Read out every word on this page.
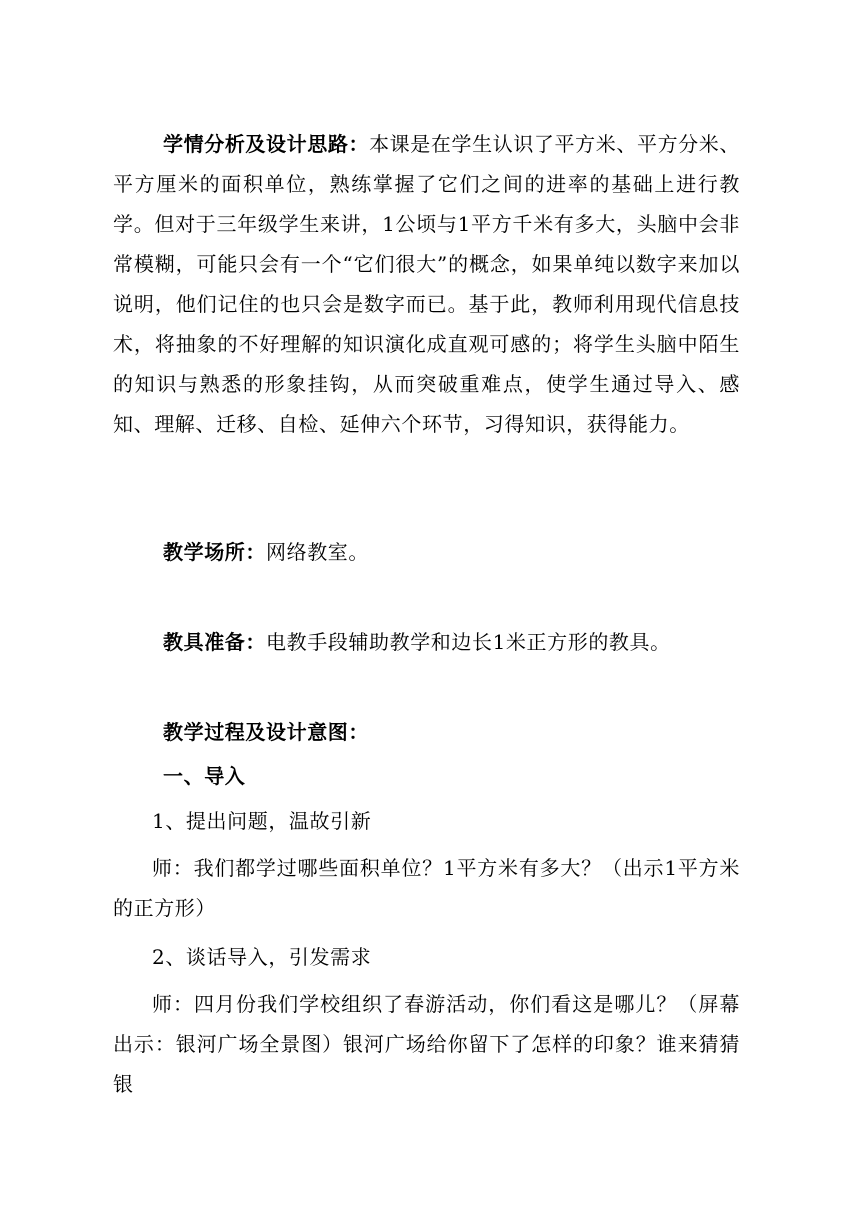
学情分析及设计思路：本课是在学生认识了平方米、平方分米、平方厘米的面积单位，熟练掌握了它们之间的进率的基础上进行教学。但对于三年级学生来讲，1公顷与1平方千米有多大，头脑中会非常模糊，可能只会有一个“它们很大”的概念，如果单纯以数字来加以说明，他们记住的也只会是数字而已。基于此，教师利用现代信息技术，将抽象的不好理解的知识演化成直观可感的；将学生头脑中陌生的知识与熟悉的形象挂钩，从而突破重难点，使学生通过导入、感知、理解、迁移、自检、延伸六个环节，习得知识，获得能力。

教学场所：网络教室。

教具准备：电教手段辅助教学和边长1米正方形的教具。

教学过程及设计意图：

一、导入

1、提出问题，温故引新

师：我们都学过哪些面积单位？1平方米有多大？（出示1平方米的正方形）

2、谈话导入，引发需求

师：四月份我们学校组织了春游活动，你们看这是哪儿？（屏幕出示：银河广场全景图）银河广场给你留下了怎样的印象？谁来猜猜银
